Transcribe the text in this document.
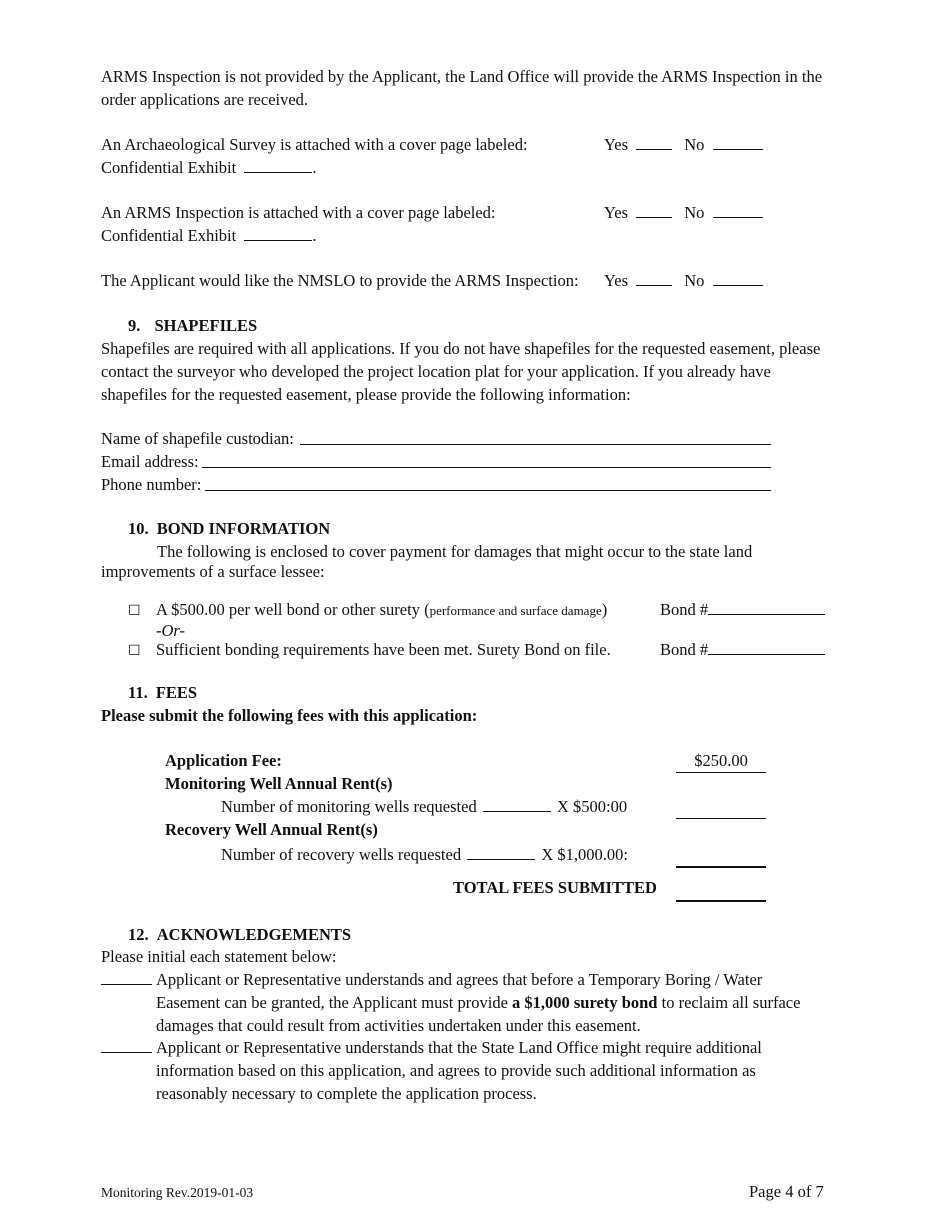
ARMS Inspection is not provided by the Applicant, the Land Office will provide the ARMS Inspection in the
order applications are received.
An Archaeological Survey is attached with a cover page labeled:	Yes	No
Confidential Exhibit	.
An ARMS Inspection is attached with a cover page labeled:	Yes	No
Confidential Exhibit	.
The Applicant would like the NMSLO to provide the ARMS Inspection: Yes	No
9. SHAPEFILES
Shapefiles are required with all applications. If you do not have shapefiles for the requested easement, please
contact the surveyor who developed the project location plat for your application. If you already have
shapefiles for the requested easement, please provide the following information:
Name of shapefile custodian:
Email address:
Phone number:
10. BOND INFORMATION
The following is enclosed to cover payment for damages that might occur to the state land
improvements of a surface lessee:
☐ A $500.00 per well bond or other surety (performance and surface damage)	Bond #
-Or-
☐ Sufficient bonding requirements have been met. Surety Bond on file.	Bond #
11. FEES
Please submit the following fees with this application:
Application Fee:	$250.00
Monitoring Well Annual Rent(s)
Number of monitoring wells requested	X $500:00
Recovery Well Annual Rent(s)
Number of recovery wells requested	X $1,000.00:
TOTAL FEES SUBMITTED
12. ACKNOWLEDGEMENTS
Please initial each statement below:
Applicant or Representative understands and agrees that before a Temporary Boring / Water
Easement can be granted, the Applicant must provide a $1,000 surety bond to reclaim all surface
damages that could result from activities undertaken under this easement.
Applicant or Representative understands that the State Land Office might require additional
information based on this application, and agrees to provide such additional information as
reasonably necessary to complete the application process.
Monitoring Rev.2019-01-03	Page 4 of 7
